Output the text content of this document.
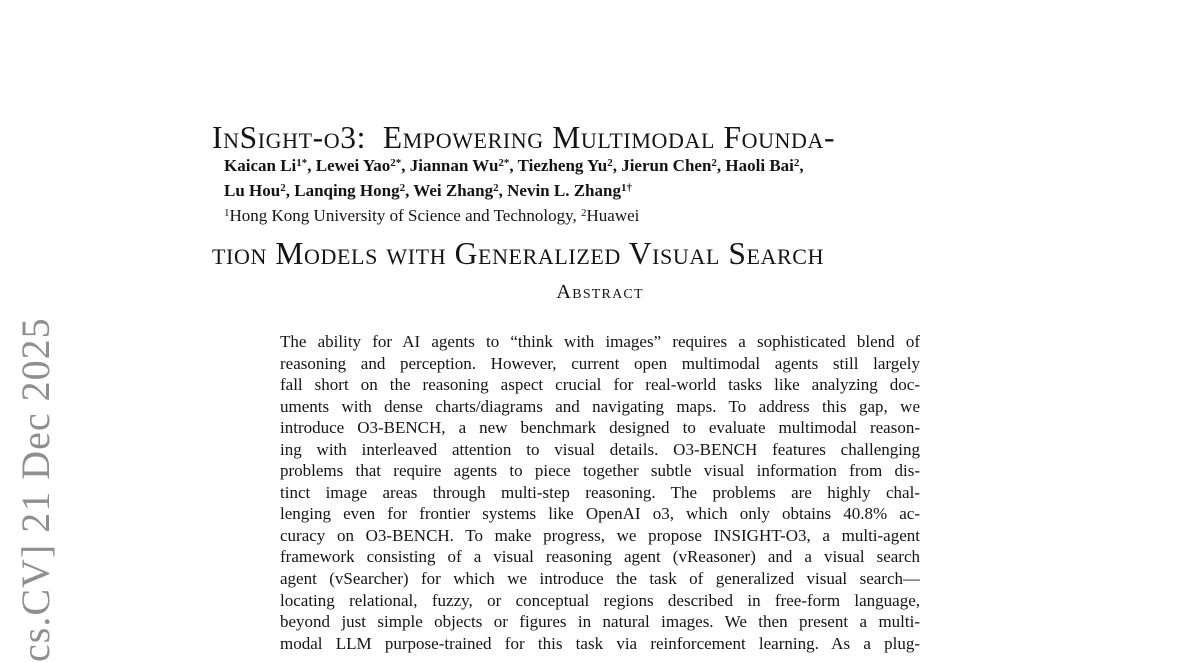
cs.CV] 21 Dec 2025

InSight-o3:  Empowering Multimodal Founda-

tion Models with Generalized Visual Search

Kaican $Li^{1*}$, Lewei Yao$^{2*}$, Jiannan $Wu^{2*}$, Tiezheng Yu$^2$, Jierun Chen$^2$, Haoli Bai$^2$,
Lu Hou$^2$, Lanqing Hong$^2$, Wei Zhang$^2$, Nevin L. Zhang$^{1\dagger}$
$^1$Hong Kong University of Science and Technology, $^2$Huawei
Abstract
The ability for AI agents to “think with images” requires a sophisticated blend of
reasoning and perception. However, current open multimodal agents still largely
fall short on the reasoning aspect crucial for real-world tasks like analyzing doc-
uments with dense charts/diagrams and navigating maps. To address this gap, we
introduce O3-BENCH, a new benchmark designed to evaluate multimodal reason-
ing with interleaved attention to visual details. O3-BENCH features challenging
problems that require agents to piece together subtle visual information from dis-
tinct image areas through multi-step reasoning. The problems are highly chal-
lenging even for frontier systems like OpenAI o3, which only obtains 40.8% ac-
curacy on O3-BENCH. To make progress, we propose INSIGHT-O3, a multi-agent
framework consisting of a visual reasoning agent (vReasoner) and a visual search
agent (vSearcher) for which we introduce the task of generalized visual search—
locating relational, fuzzy, or conceptual regions described in free-form language,
beyond just simple objects or figures in natural images. We then present a multi-
modal LLM purpose-trained for this task via reinforcement learning. As a plug-
